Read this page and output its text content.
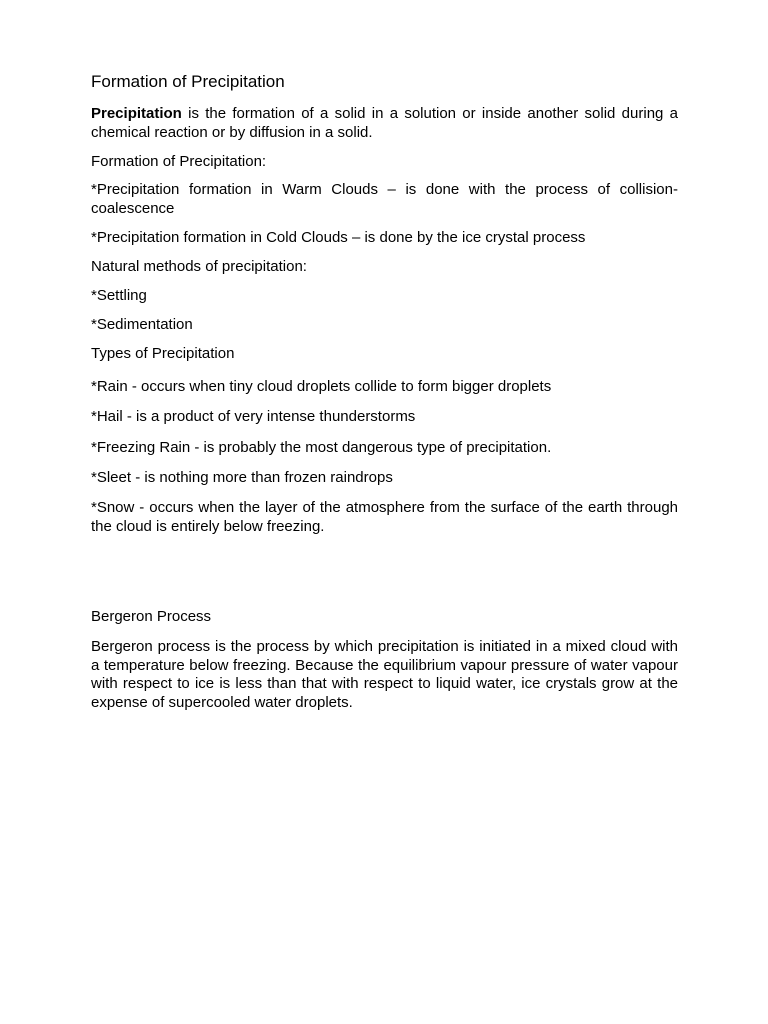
Formation of Precipitation

Precipitation is the formation of a solid in a solution or inside another solid during a chemical reaction or by diffusion in a solid.

Formation of Precipitation:

*Precipitation formation in Warm Clouds – is done with the process of collision-coalescence

*Precipitation formation in Cold Clouds – is done by the ice crystal process

Natural methods of precipitation:

*Settling

*Sedimentation

Types of Precipitation

*Rain - occurs when tiny cloud droplets collide to form bigger droplets

*Hail - is a product of very intense thunderstorms

*Freezing Rain - is probably the most dangerous type of precipitation.

*Sleet - is nothing more than frozen raindrops

*Snow - occurs when the layer of the atmosphere from the surface of the earth through the cloud is entirely below freezing.

Bergeron Process

Bergeron process is the process by which precipitation is initiated in a mixed cloud with a temperature below freezing. Because the equilibrium vapour pressure of water vapour with respect to ice is less than that with respect to liquid water, ice crystals grow at the expense of supercooled water droplets.
